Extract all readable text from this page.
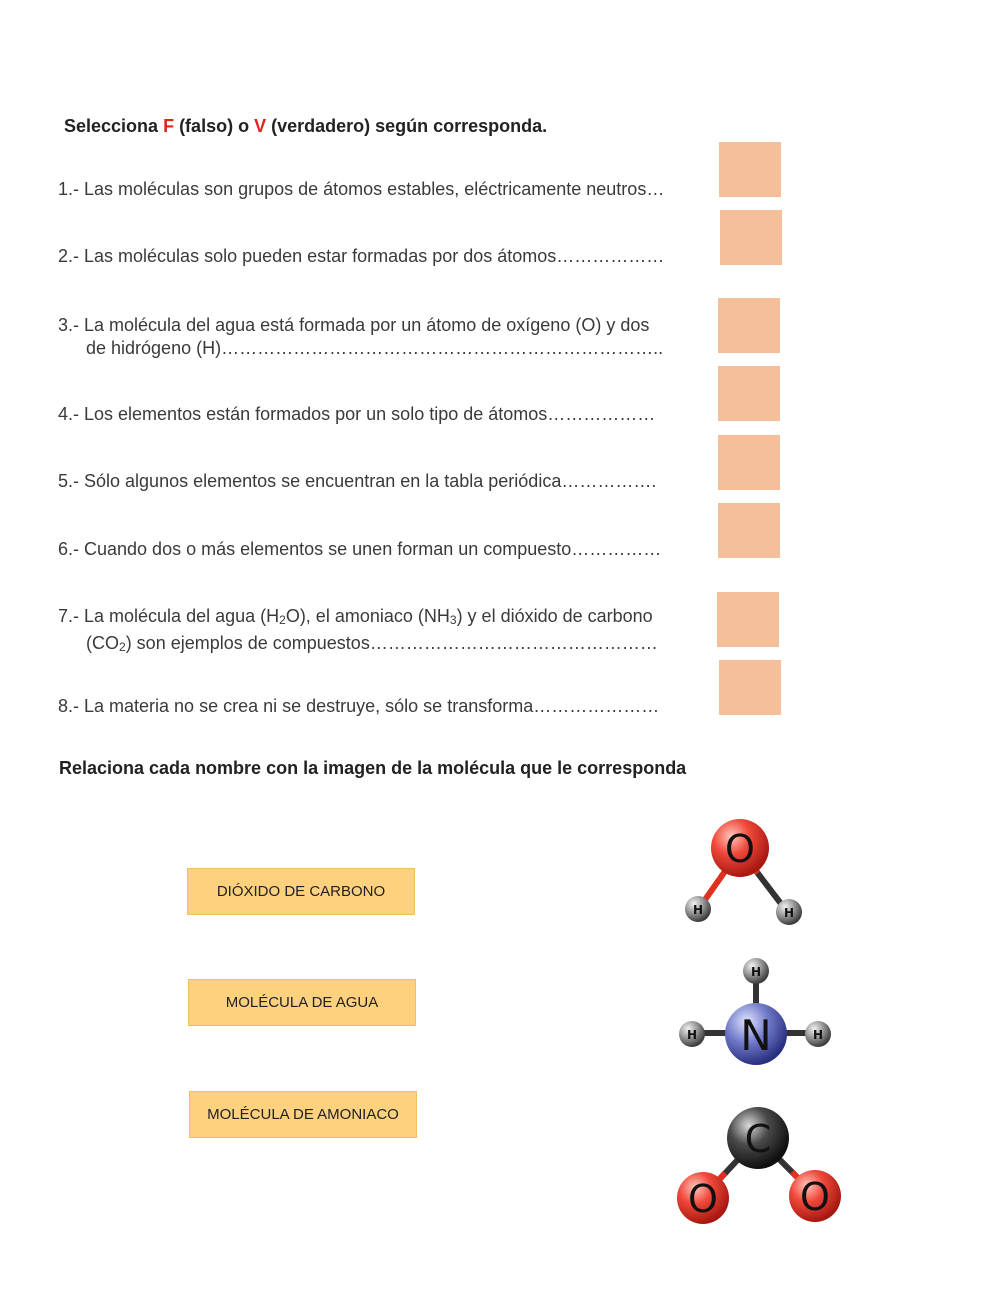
Selecciona F (falso) o V (verdadero) según corresponda.
1.- Las moléculas son grupos de átomos estables, eléctricamente neutros…
2.- Las moléculas solo pueden estar formadas por dos átomos………………
3.- La molécula del agua está formada por un átomo de oxígeno (O) y dos
de hidrógeno (H)………………………………………………………………..
4.- Los elementos están formados por un solo tipo de átomos………………
5.- Sólo algunos elementos se encuentran en la tabla periódica…………….
6.- Cuando dos o más elementos se unen forman un compuesto……………
7.- La molécula del agua (H2O), el amoniaco (NH3) y el dióxido de carbono
(CO2) son ejemplos de compuestos…………………………………………
8.- La materia no se crea ni se destruye, sólo se transforma…………………
Relaciona cada nombre con la imagen de la molécula que le corresponda
DIÓXIDO DE CARBONO
MOLÉCULA DE AGUA
MOLÉCULA DE AMONIACO
O
H	H
H
H	H
N
C
O O
